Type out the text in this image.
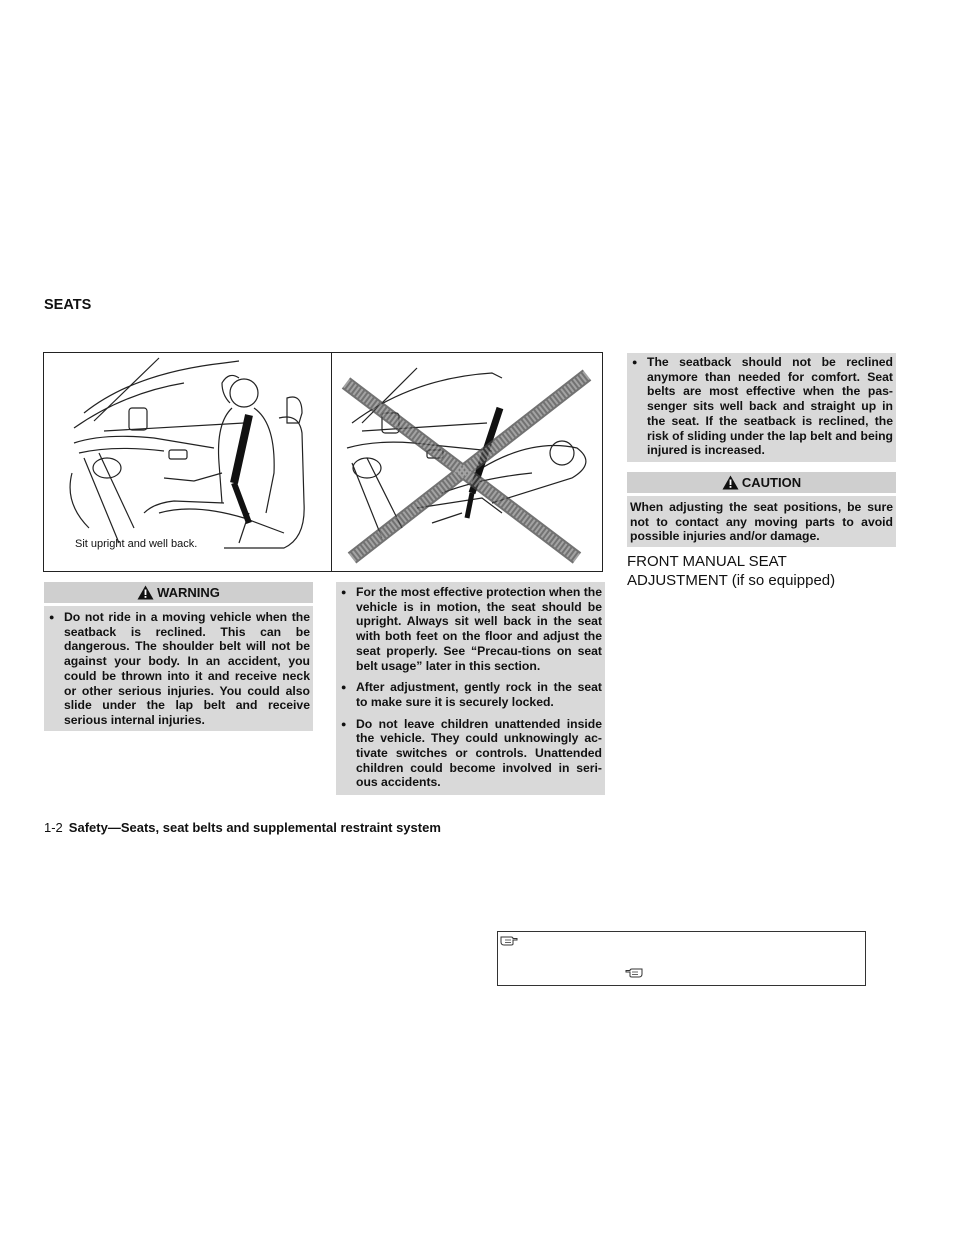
SEATS
Sit upright and well back.
WARNING
● Do not ride in a moving vehicle when the seatback is reclined. This can be dangerous. The shoulder belt will not be against your body. In an accident, you could be thrown into it and receive neck or other serious injuries. You could also slide under the lap belt and receive serious internal injuries.
● For the most effective protection when the vehicle is in motion, the seat should be upright. Always sit well back in the seat with both feet on the floor and adjust the seat properly. See “Precau-tions on seat belt usage” later in this section.
● After adjustment, gently rock in the seat to make sure it is securely locked.
● Do not leave children unattended inside the vehicle. They could unknowingly ac-tivate switches or controls. Unattended children could become involved in seri-ous accidents.
● The seatback should not be reclined anymore than needed for comfort. Seat belts are most effective when the pas-senger sits well back and straight up in the seat. If the seatback is reclined, the risk of sliding under the lap belt and being injured is increased.
CAUTION
When adjusting the seat positions, be sure not to contact any moving parts to avoid possible injuries and/or damage.
FRONT MANUAL SEAT
ADJUSTMENT (if so equipped)
1-2 Safety—Seats, seat belts and supplemental restraint system
